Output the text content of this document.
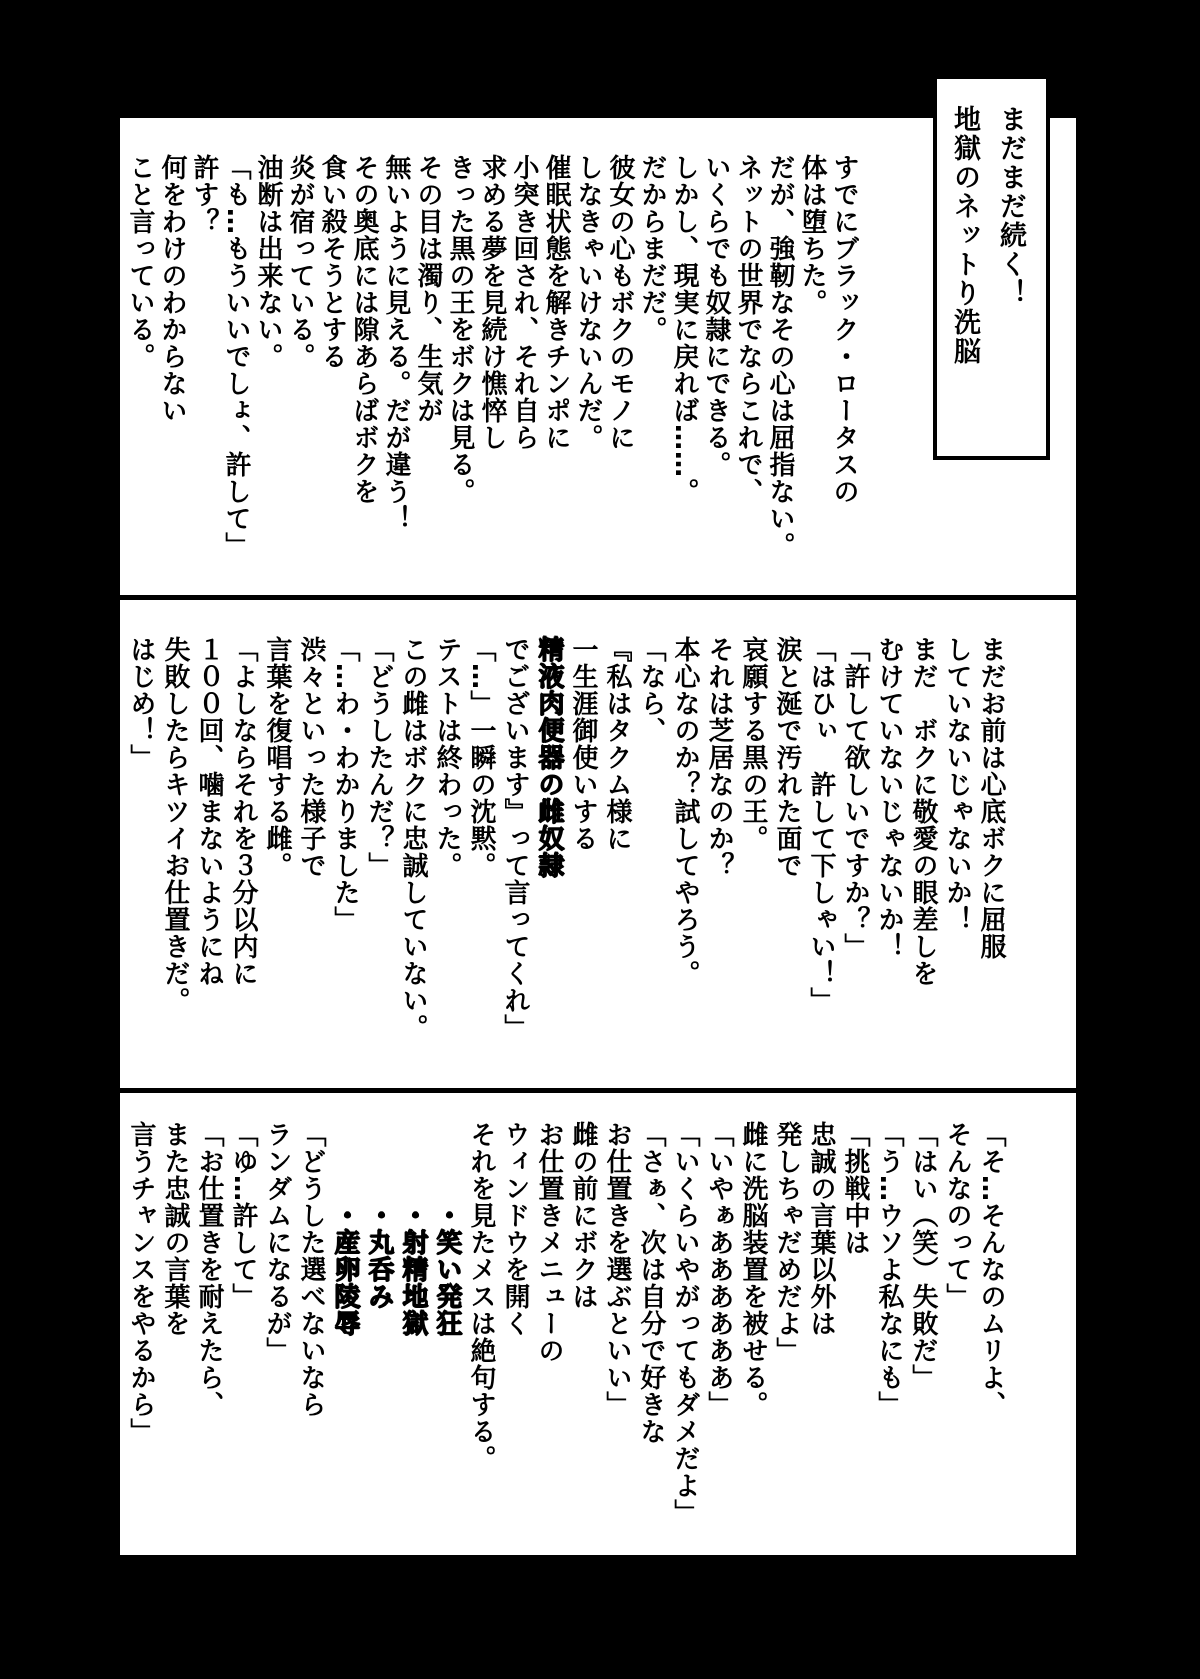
すでにブラック・ロータスの
体は堕ちた。
だが、強靭なその心は屈指ない。
ネットの世界でならこれで、
いくらでも奴隷にできる。
しかし、現実に戻れば……。
だからまだだ。
彼女の心もボクのモノに
しなきゃいけないんだ。
催眠状態を解きチンポに
小突き回され、それ自ら
求める夢を見続け憔悴し
きった黒の王をボクは見る。
その目は濁り、生気が
無いように見える。だが違う！
その奥底には隙あらばボクを
食い殺そうとする
炎が宿っている。
油断は出来ない。
「も…もういいでしょ、許して」
許す？
何をわけのわからない
こと言っている。
まだお前は心底ボクに屈服
していないじゃないか！
まだ　ボクに敬愛の眼差しを
むけていないじゃないか！
「許して欲しいですか？」
「はひぃ　許して下しゃい！」
涙と涎で汚れた面で
哀願する黒の王。
それは芝居なのか？
本心なのか？試してやろう。
「なら、
『私はタクム様に
一生涯御使いする
精液肉便器の雌奴隷
でございます』って言ってくれ」
「…」一瞬の沈黙。
テストは終わった。
この雌はボクに忠誠していない。
「どうしたんだ？」
「…わ・わかりました」
渋々といった様子で
言葉を復唱する雌。
「よしならそれを３分以内に
１００回、噛まないようにね
失敗したらキツイお仕置きだ。
はじめ！」
「そ…そんなのムリよ、
そんなのって」
「はい（笑）失敗だ」
「う…ウソよ私なにも」
「挑戦中は
忠誠の言葉以外は
発しちゃだめだよ」
雌に洗脳装置を被せる。
「いやぁああああああ」
「いくらいやがってもダメだよ」
「さぁ、次は自分で好きな
お仕置きを選ぶといい」
雌の前にボクは
お仕置きメニューの
ウィンドウを開く
それを見たメスは絶句する。
　　　・笑い発狂
　　　・射精地獄
　　　・丸呑み
　　　・産卵陵辱
「どうした選べないなら
ランダムになるが」
「ゆ…許して」
「お仕置きを耐えたら、
また忠誠の言葉を
言うチャンスをやるから」
まだまだ続く！
地獄のネットり洗脳
